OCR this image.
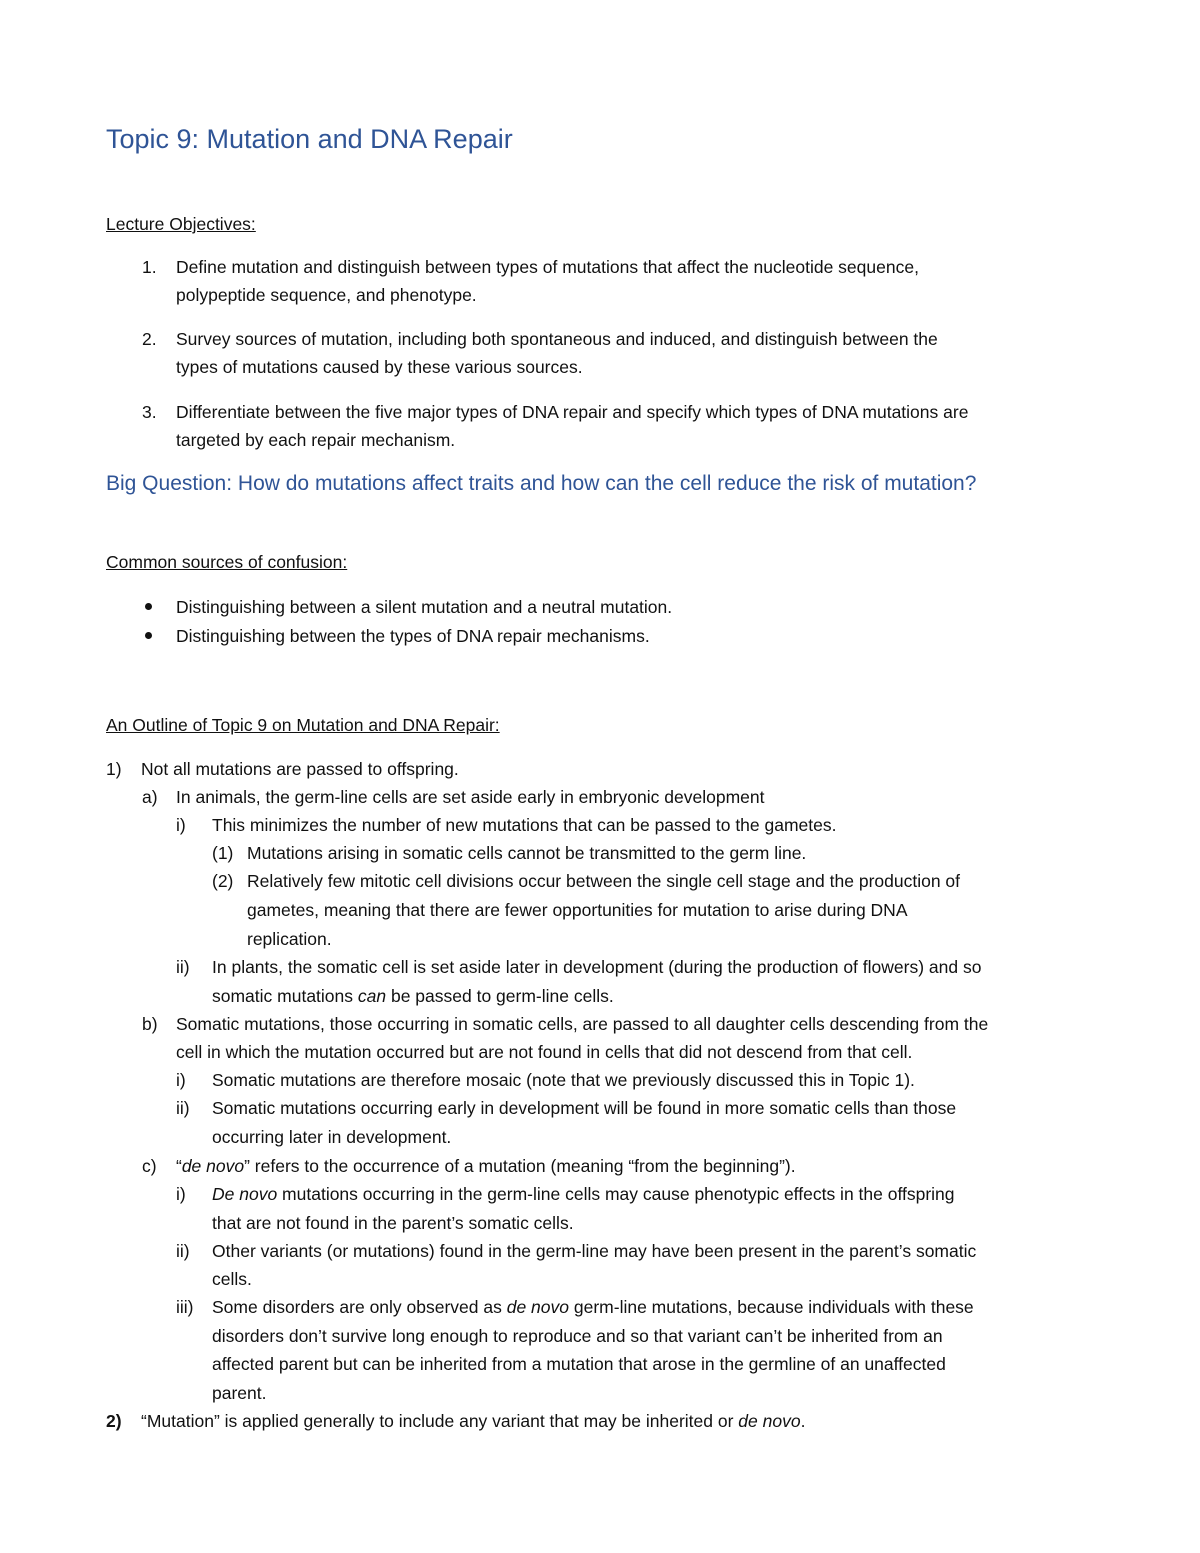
Topic 9: Mutation and DNA Repair
Lecture Objectives:
1. Define mutation and distinguish between types of mutations that affect the nucleotide sequence,
polypeptide sequence, and phenotype.
2. Survey sources of mutation, including both spontaneous and induced, and distinguish between the
types of mutations caused by these various sources.
3. Differentiate between the five major types of DNA repair and specify which types of DNA mutations are
targeted by each repair mechanism.
Big Question: How do mutations affect traits and how can the cell reduce the risk of mutation?
Common sources of confusion:
Distinguishing between a silent mutation and a neutral mutation.
Distinguishing between the types of DNA repair mechanisms.
An Outline of Topic 9 on Mutation and DNA Repair:
1) Not all mutations are passed to offspring.
a) In animals, the germ-line cells are set aside early in embryonic development
i) This minimizes the number of new mutations that can be passed to the gametes.
(1) Mutations arising in somatic cells cannot be transmitted to the germ line.
(2) Relatively few mitotic cell divisions occur between the single cell stage and the production of
gametes, meaning that there are fewer opportunities for mutation to arise during DNA
replication.
ii) In plants, the somatic cell is set aside later in development (during the production of flowers) and so
somatic mutations can be passed to germ-line cells.
b) Somatic mutations, those occurring in somatic cells, are passed to all daughter cells descending from the
cell in which the mutation occurred but are not found in cells that did not descend from that cell.
i) Somatic mutations are therefore mosaic (note that we previously discussed this in Topic 1).
ii) Somatic mutations occurring early in development will be found in more somatic cells than those
occurring later in development.
c) “de novo” refers to the occurrence of a mutation (meaning “from the beginning”).
i) De novo mutations occurring in the germ-line cells may cause phenotypic effects in the offspring
that are not found in the parent’s somatic cells.
ii) Other variants (or mutations) found in the germ-line may have been present in the parent’s somatic
cells.
iii) Some disorders are only observed as de novo germ-line mutations, because individuals with these
disorders don’t survive long enough to reproduce and so that variant can’t be inherited from an
affected parent but can be inherited from a mutation that arose in the germline of an unaffected
parent.
2) “Mutation” is applied generally to include any variant that may be inherited or de novo.
